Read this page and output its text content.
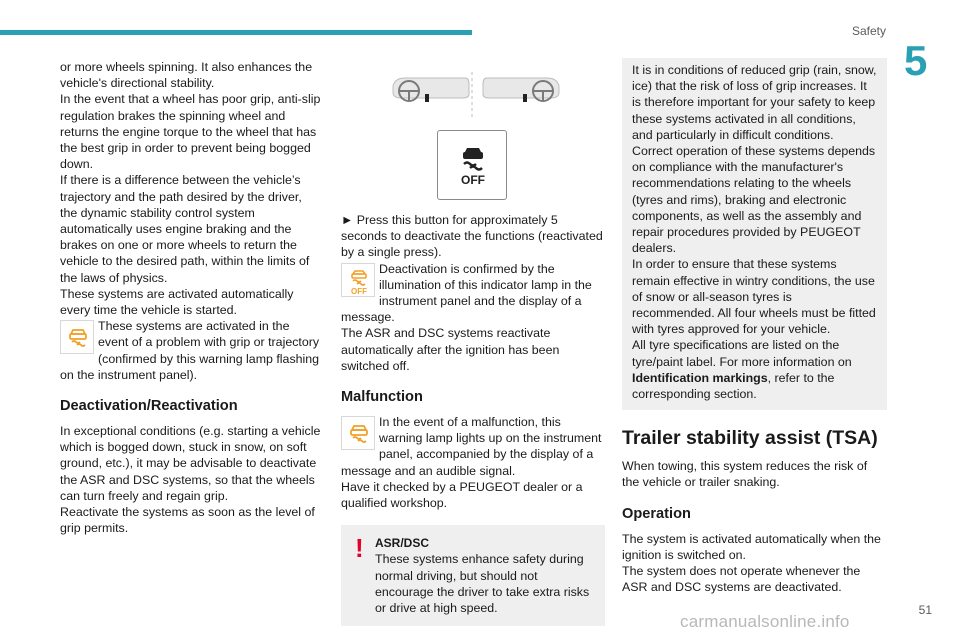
Safety
5
or more wheels spinning. It also enhances the vehicle's directional stability.
In the event that a wheel has poor grip, anti-slip regulation brakes the spinning wheel and returns the engine torque to the wheel that has the best grip in order to prevent being bogged down.
If there is a difference between the vehicle’s trajectory and the path desired by the driver, the dynamic stability control system automatically uses engine braking and the brakes on one or more wheels to return the vehicle to the desired path, within the limits of the laws of physics.
These systems are activated automatically every time the vehicle is started.
These systems are activated in the event of a problem with grip or trajectory (confirmed by this warning lamp flashing on the instrument panel).
Deactivation/Reactivation
In exceptional conditions (e.g. starting a vehicle which is bogged down, stuck in snow, on soft ground, etc.), it may be advisable to deactivate the ASR and DSC systems, so that the wheels can turn freely and regain grip.
Reactivate the systems as soon as the level of grip permits.
OFF
► Press this button for approximately 5 seconds to deactivate the functions (reactivated by a single press).
OFF
Deactivation is confirmed by the illumination of this indicator lamp in the instrument panel and the display of a message.
The ASR and DSC systems reactivate automatically after the ignition has been switched off.
Malfunction
In the event of a malfunction, this warning lamp lights up on the instrument panel, accompanied by the display of a message and an audible signal.
Have it checked by a PEUGEOT dealer or a qualified workshop.
! ASR/DSC
These systems enhance safety during normal driving, but should not encourage the driver to take extra risks or drive at high speed.
It is in conditions of reduced grip (rain, snow, ice) that the risk of loss of grip increases. It is therefore important for your safety to keep these systems activated in all conditions, and particularly in difficult conditions.
Correct operation of these systems depends on compliance with the manufacturer's recommendations relating to the wheels (tyres and rims), braking and electronic components, as well as the assembly and repair procedures provided by PEUGEOT dealers.
In order to ensure that these systems remain effective in wintry conditions, the use of snow or all-season tyres is recommended. All four wheels must be fitted with tyres approved for your vehicle.
All tyre specifications are listed on the tyre/paint label. For more information on Identification markings, refer to the corresponding section.
Trailer stability assist (TSA)
When towing, this system reduces the risk of the vehicle or trailer snaking.
Operation
The system is activated automatically when the ignition is switched on.
The system does not operate whenever the ASR and DSC systems are deactivated.
51
carmanualsonline.info
